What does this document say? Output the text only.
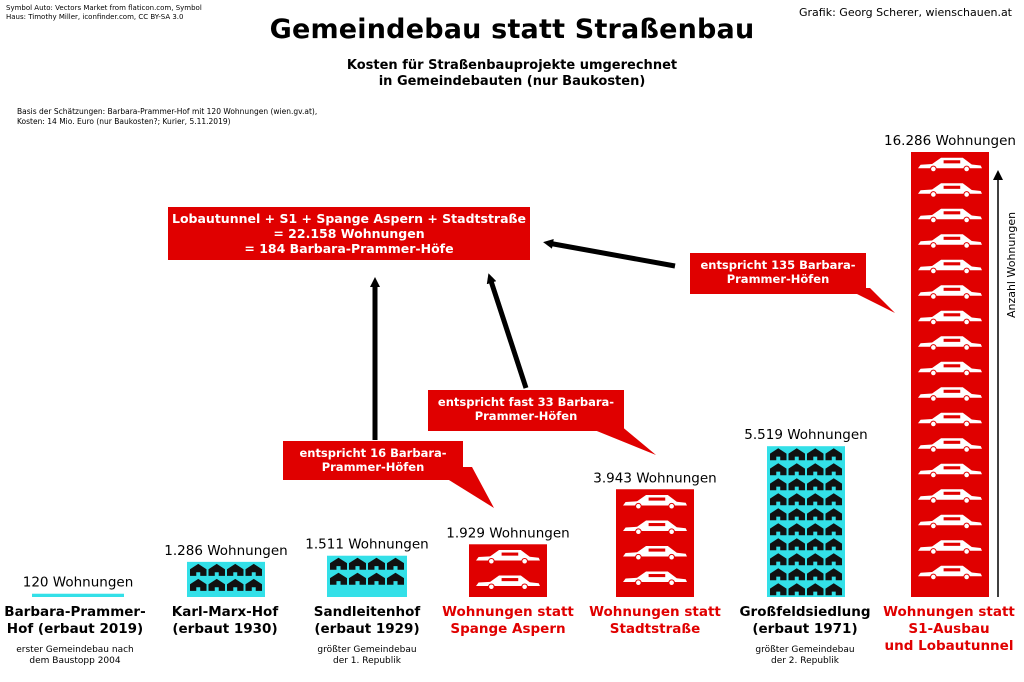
Symbol Auto: Vectors Market from flaticon.com, Symbol
Haus: Timothy Miller, iconfinder.com, CC BY-SA 3.0	Grafik: Georg Scherer, wienschauen.at
Gemeindebau statt Straßenbau
Kosten für Straßenbauprojekte umgerechnet
in Gemeindebauten (nur Baukosten)
Basis der Schätzungen: Barbara-Prammer-Hof mit 120 Wohnungen (wien.gv.at),
Kosten: 14 Mio. Euro (nur Baukosten?; Kurier, 5.11.2019)
120 Wohnungen
1.286 Wohnungen 1.511 Wohnungen
1.929 Wohnungen
3.943 Wohnungen
5.519 Wohnungen
16.286 Wohnungen
Anzahl Wohnungen
Barbara-Prammer-
Hof (erbaut 2019)
Karl-Marx-Hof
(erbaut 1930)
Sandleitenhof
(erbaut 1929)
Wohnungen statt
Spange Aspern
Wohnungen statt
Stadtstraße
Großfeldsiedlung
(erbaut 1971)
Wohnungen statt
S1-Ausbau
und Lobautunnel
erster Gemeindebau nach
dem Baustopp 2004
größter Gemeindebau
der 1. Republik
größter Gemeindebau
der 2. Republik
Lobautunnel + S1 + Spange Aspern + Stadtstraße
= 22.158 Wohnungen
= 184 Barbara-Prammer-Höfe
entspricht 16 Barbara-
Prammer-Höfen
entspricht fast 33 Barbara-
Prammer-Höfen
entspricht 135 Barbara-
Prammer-Höfen
